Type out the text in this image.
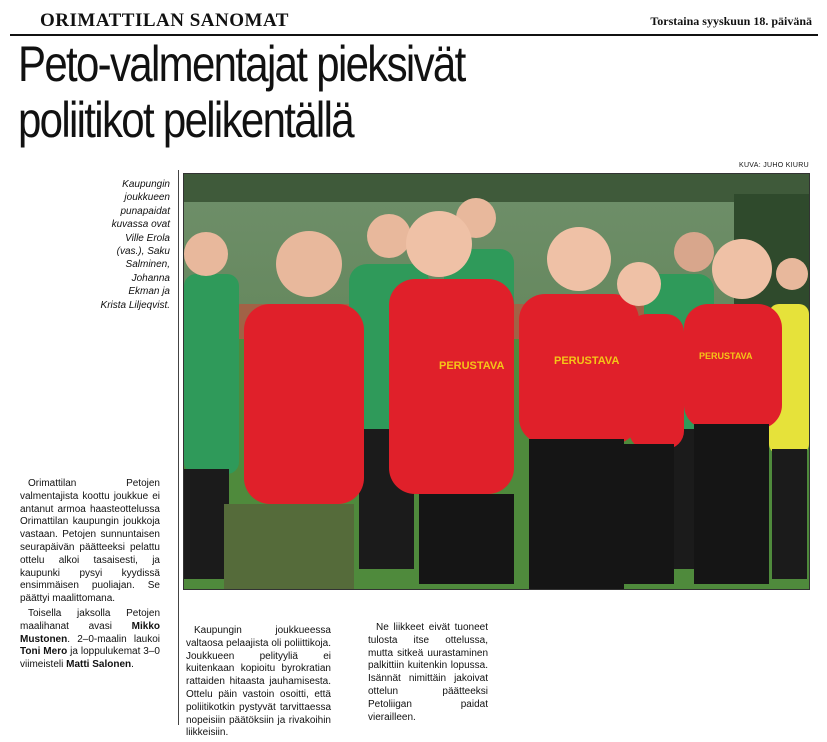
ORIMATTILAN SANOMAT	Torstaina syyskuun 18. päivänä
Peto-valmentajat pieksivät
poliitikot pelikentällä
KUVA: JUHO KIURU
Kaupungin joukkueen punapaidat kuvassa ovat Ville Erola (vas.), Saku Salminen, Johanna Ekman ja Krista Liljeqvist.
PERUSTAVA	PERUSTAVA	PERUSTAVA

Orimattilan Petojen valmentajista koottu joukkue ei antanut armoa haasteottelussa Orimattilan kaupungin joukkoja vastaan. Petojen sunnuntaisen seurapäivän päätteeksi pelattu ottelu alkoi tasaisesti, ja kaupunki pysyi kyydissä ensimmäisen puoliajan. Se päättyi maalittomana.

Toisella jaksolla Petojen maalihanat avasi Mikko Mustonen. 2–0-maalin laukoi Toni Mero ja loppulukemat 3–0 viimeisteli Matti Salonen.

Kaupungin joukkueessa valtaosa pelaajista oli poliittikoja. Joukkueen pelityyliä ei kuitenkaan kopioitu byrokratian rattaiden hitaasta jauhamisesta. Ottelu päin vastoin osoitti, että poliitikotkin pystyvät tarvittaessa nopeisiin päätöksiin ja rivakoihin liikkeisiin.

Ne liikkeet eivät tuoneet tulosta itse ottelussa, mutta sitkeä uurastaminen palkittiin kuitenkin lopussa. Isännät nimittäin jakoivat ottelun päätteeksi Petoliigan paidat vierailleen.
